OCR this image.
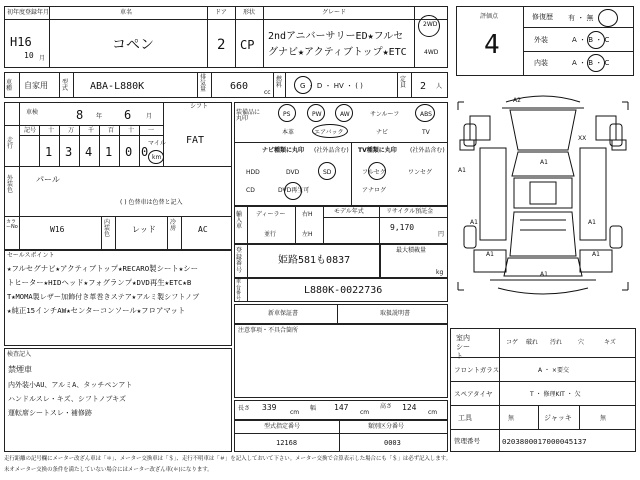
初年度登録年月
H16
10 月
車名
コペン
ドア
2
形状
CP
グレード
2ndアニバーサリーED★フルセ
グナビ★アクティブトップ★ETC
2WD
4WD
評価点
4
修復歴 有 ・ 無
外装	A ・ B ・ C
内装	A ・ B ・ C
車種	自家用 型式	ABA-L880K
排気量	660
cc
燃料	G ・ D ・ HV ・ ( )
定員	2 人
車検	8 年 6 月
シフト
FAT
走行
記号 十 万 千 百 十 一
1 3 4 1 0 0
マイル
km
外装色
パール
( ) 色替車は色替と記入
カラーNo	W16
内装色
レッド
冷房	AC
セールスポイント
★フルセグナビ★アクティブトップ★RECARO製シート★シー
トヒーター★HIDヘッド★フォグランプ★DVD再生★ETC★B
T★MOMA製レザー加飾付き革巻きステア★アルミ製シフトノブ
★純正15インチAW★センターコンソール★フロアマット
検査記入
禁煙車
内外装小AU、アルミA、タッチペンアト
ハンドルスレ・キズ、シフトノブキズ
運転席シートスレ・補修跡
装備品に丸印
PS	PW	AW	サンルーフ	ABS
本革	エアバック	ナビ	TV
ナビ種類に丸印 (社外品含む)
HDD	DVD	SD
CD	DVD再生可
TV種類に丸印 (社外品含む)
フルセグ	ワンセグ
アナログ
輸入車
ディーラー
並行
右H
左H
モデル年式	リサイクル預託金
9,170
円
最大積載量
kg
登録番号
姫路581も0837
車台番号
L880K-0022736
新車保証書	取扱説明書
注意事項・不具合箇所
長さ 339
cm
幅 147
cm
高さ 124
cm
型式指定番号
12168
類別区分番号
0003
A2
A1
A1
A1	A1
A1	A1
A1
XX
室内シート
コゲ 破れ 汚れ	穴	キズ
フロントガラス	A ・ ×要交
スペアタイヤ	T ・ 修理KIT ・ 欠
工具	無	ジャッキ	無
管理番号	0203800017000045137
走行距離の記号欄にメーター改ざん車は「＊」、メーター交換車は「＄」、走行不明車は「＃」を記入しておいて下さい。メーター交換で合算表示した場合にも「＄」は必ず記入します。
未オメーター交換の条件を満たしていない場合にはメーター改ざん車(＊)になります。
